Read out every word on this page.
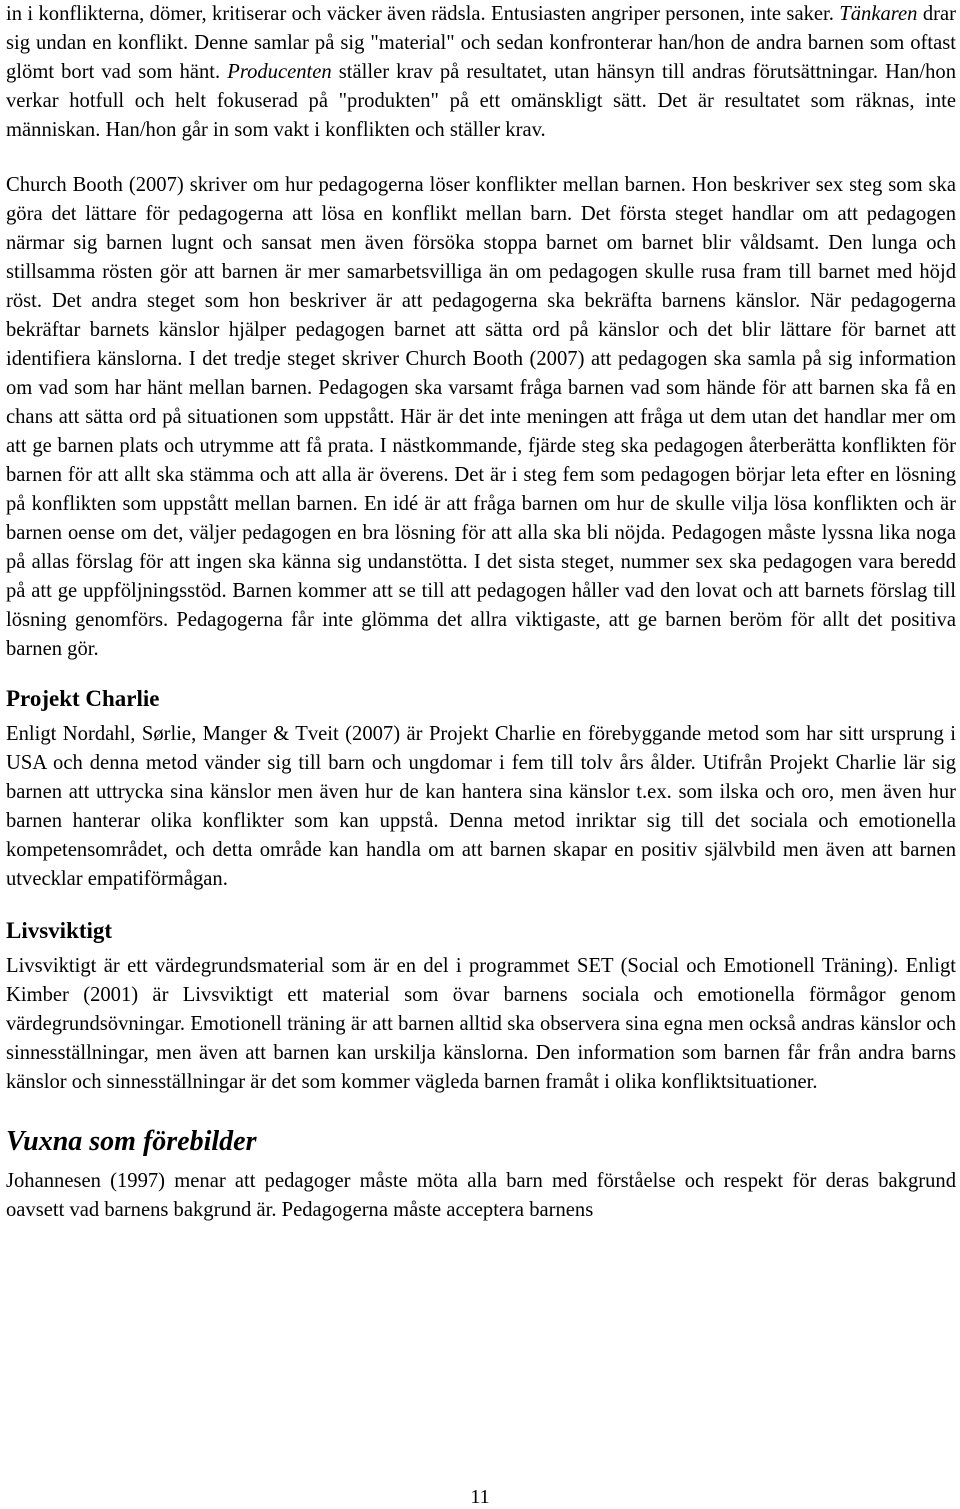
in i konflikterna, dömer, kritiserar och väcker även rädsla. Entusiasten angriper personen, inte saker. Tänkaren drar sig undan en konflikt. Denne samlar på sig "material" och sedan konfronterar han/hon de andra barnen som oftast glömt bort vad som hänt. Producenten ställer krav på resultatet, utan hänsyn till andras förutsättningar. Han/hon verkar hotfull och helt fokuserad på "produkten" på ett omänskligt sätt. Det är resultatet som räknas, inte människan. Han/hon går in som vakt i konflikten och ställer krav.

Church Booth (2007) skriver om hur pedagogerna löser konflikter mellan barnen. Hon beskriver sex steg som ska göra det lättare för pedagogerna att lösa en konflikt mellan barn. Det första steget handlar om att pedagogen närmar sig barnen lugnt och sansat men även försöka stoppa barnet om barnet blir våldsamt. Den lunga och stillsamma rösten gör att barnen är mer samarbetsvilliga än om pedagogen skulle rusa fram till barnet med höjd röst. Det andra steget som hon beskriver är att pedagogerna ska bekräfta barnens känslor. När pedagogerna bekräftar barnets känslor hjälper pedagogen barnet att sätta ord på känslor och det blir lättare för barnet att identifiera känslorna. I det tredje steget skriver Church Booth (2007) att pedagogen ska samla på sig information om vad som har hänt mellan barnen. Pedagogen ska varsamt fråga barnen vad som hände för att barnen ska få en chans att sätta ord på situationen som uppstått. Här är det inte meningen att fråga ut dem utan det handlar mer om att ge barnen plats och utrymme att få prata. I nästkommande, fjärde steg ska pedagogen återberätta konflikten för barnen för att allt ska stämma och att alla är överens. Det är i steg fem som pedagogen börjar leta efter en lösning på konflikten som uppstått mellan barnen. En idé är att fråga barnen om hur de skulle vilja lösa konflikten och är barnen oense om det, väljer pedagogen en bra lösning för att alla ska bli nöjda. Pedagogen måste lyssna lika noga på allas förslag för att ingen ska känna sig undanstötta. I det sista steget, nummer sex ska pedagogen vara beredd på att ge uppföljningsstöd. Barnen kommer att se till att pedagogen håller vad den lovat och att barnets förslag till lösning genomförs. Pedagogerna får inte glömma det allra viktigaste, att ge barnen beröm för allt det positiva barnen gör.

Projekt Charlie

Enligt Nordahl, Sørlie, Manger & Tveit (2007) är Projekt Charlie en förebyggande metod som har sitt ursprung i USA och denna metod vänder sig till barn och ungdomar i fem till tolv års ålder. Utifrån Projekt Charlie lär sig barnen att uttrycka sina känslor men även hur de kan hantera sina känslor t.ex. som ilska och oro, men även hur barnen hanterar olika konflikter som kan uppstå. Denna metod inriktar sig till det sociala och emotionella kompetensområdet, och detta område kan handla om att barnen skapar en positiv självbild men även att barnen utvecklar empatiförmågan.

Livsviktigt

Livsviktigt är ett värdegrundsmaterial som är en del i programmet SET (Social och Emotionell Träning). Enligt Kimber (2001) är Livsviktigt ett material som övar barnens sociala och emotionella förmågor genom värdegrundsövningar. Emotionell träning är att barnen alltid ska observera sina egna men också andras känslor och sinnesställningar, men även att barnen kan urskilja känslorna. Den information som barnen får från andra barns känslor och sinnesställningar är det som kommer vägleda barnen framåt i olika konfliktsituationer.

Vuxna som förebilder

Johannesen (1997) menar att pedagoger måste möta alla barn med förståelse och respekt för deras bakgrund oavsett vad barnens bakgrund är. Pedagogerna måste acceptera barnens

11
